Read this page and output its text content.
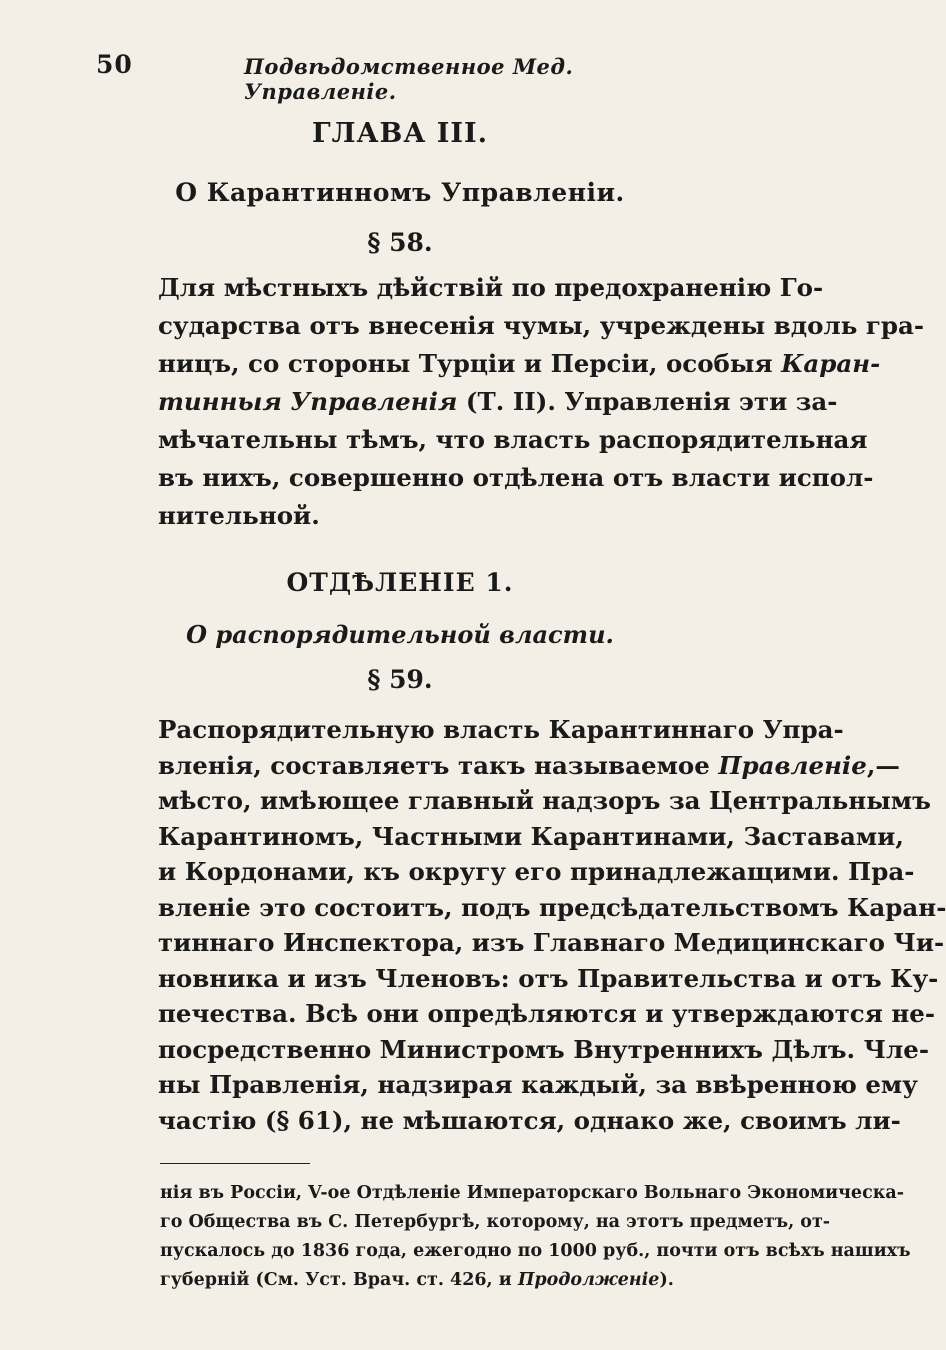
50	Подвѣдомственное Мед. Управленіе.
ГЛАВА III.
О Карантинномъ Управленіи.
§ 58.
Для мѣстныхъ дѣйствій по предохраненію Го-
сударства отъ внесенія чумы, учреждены вдоль гра-
ницъ, со стороны Турціи и Персіи, особыя Каран-
тинныя Управленія (Т. II). Управленія эти за-
мѣчательны тѣмъ, что власть распорядительная
въ нихъ, совершенно отдѣлена отъ власти испол-
нительной.
ОТДѢЛЕНІЕ 1.
О распорядительной власти.
§ 59.
Распорядительную власть Карантиннаго Упра-
вленія, составляетъ такъ называемое Правленіе,—
мѣсто, имѣющее главный надзоръ за Центральнымъ
Карантиномъ, Частными Карантинами, Заставами,
и Кордонами, къ округу его принадлежащими. Пра-
вленіе это состоитъ, подъ предсѣдательствомъ Каран-
тиннаго Инспектора, изъ Главнаго Медицинскаго Чи-
новника и изъ Членовъ: отъ Правительства и отъ Ку-
печества. Всѣ они опредѣляются и утверждаются не-
посредственно Министромъ Внутреннихъ Дѣлъ. Чле-
ны Правленія, надзирая каждый, за ввѣренною ему
частію (§ 61), не мѣшаются, однако же, своимъ ли-
нія въ Россіи, V-ое Отдѣленіе Императорскаго Вольнаго Экономическа-
го Общества въ С. Петербургѣ, которому, на этотъ предметъ, от-
пускалось до 1836 года, ежегодно по 1000 руб., почти отъ всѣхъ нашихъ
губерній (См. Уст. Врач. ст. 426, и Продолженіе).
